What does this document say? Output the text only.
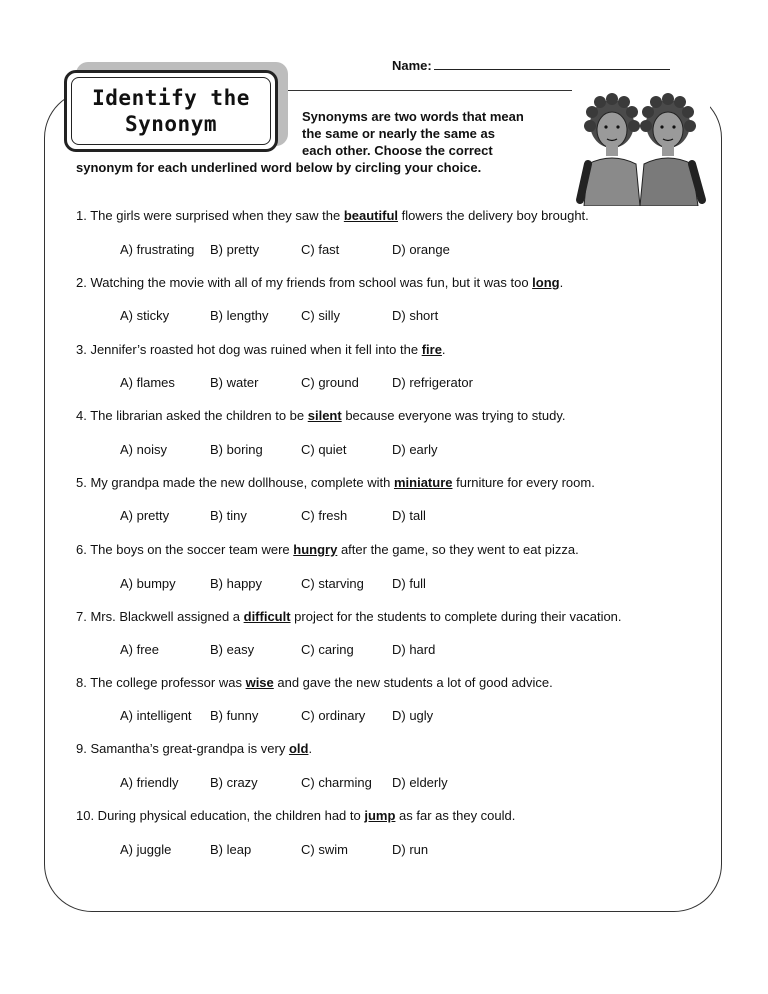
Name:
Identify the
Synonym	Synonyms are two words that mean
the same or nearly the same as
each other. Choose the correct
synonym for each underlined word below by circling your choice.
1. The girls were surprised when they saw the beautiful flowers the delivery boy brought.
A) frustrating B) pretty	C) fast	D) orange
2. Watching the movie with all of my friends from school was fun, but it was too long.
A) sticky	B) lengthy C) silly	D) short
3. Jennifer’s roasted hot dog was ruined when it fell into the fire.
A) flames	B) water	C) ground	D) refrigerator
4. The librarian asked the children to be silent because everyone was trying to study.
A) noisy	B) boring	C) quiet	D) early
5. My grandpa made the new dollhouse, complete with miniature furniture for every room.
A) pretty	B) tiny	C) fresh	D) tall
6. The boys on the soccer team were hungry after the game, so they went to eat pizza.
A) bumpy	B) happy	C) starving D) full
7. Mrs. Blackwell assigned a difficult project for the students to complete during their vacation.
A) free	B) easy	C) caring	D) hard
8. The college professor was wise and gave the new students a lot of good advice.
A) intelligent B) funny	C) ordinary D) ugly
9. Samantha’s great-grandpa is very old.
A) friendly B) crazy	C) charming D) elderly
10. During physical education, the children had to jump as far as they could.
A) juggle	B) leap	C) swim	D) run
